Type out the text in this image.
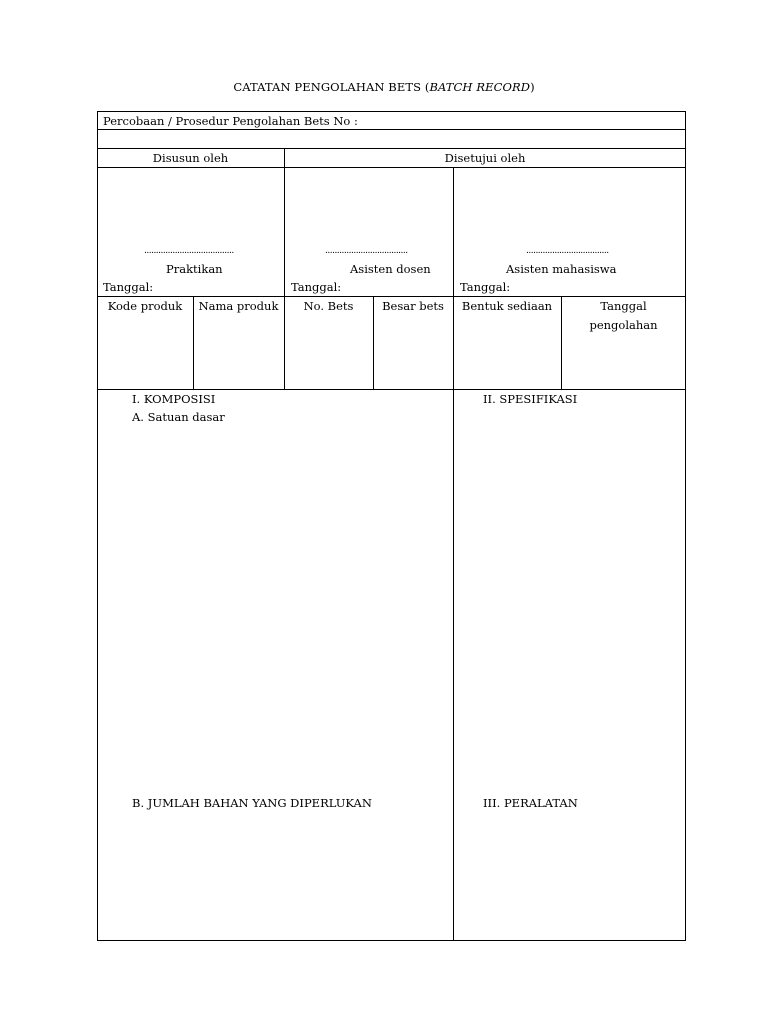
CATATAN PENGOLAHAN BETS (BATCH RECORD)
Percobaan / Prosedur Pengolahan Bets No :
Disusun oleh	Disetujui oleh
......................................	...................................	...................................
Praktikan	Asisten dosen	Asisten mahasiswa
Tanggal:	Tanggal:	Tanggal:
Kode produk	Nama produk	No. Bets	Besar bets	Bentuk sediaan	Tanggal
pengolahan
I. KOMPOSISI
A. Satuan dasar
II. SPESIFIKASI
B. JUMLAH BAHAN YANG DIPERLUKAN	III. PERALATAN
